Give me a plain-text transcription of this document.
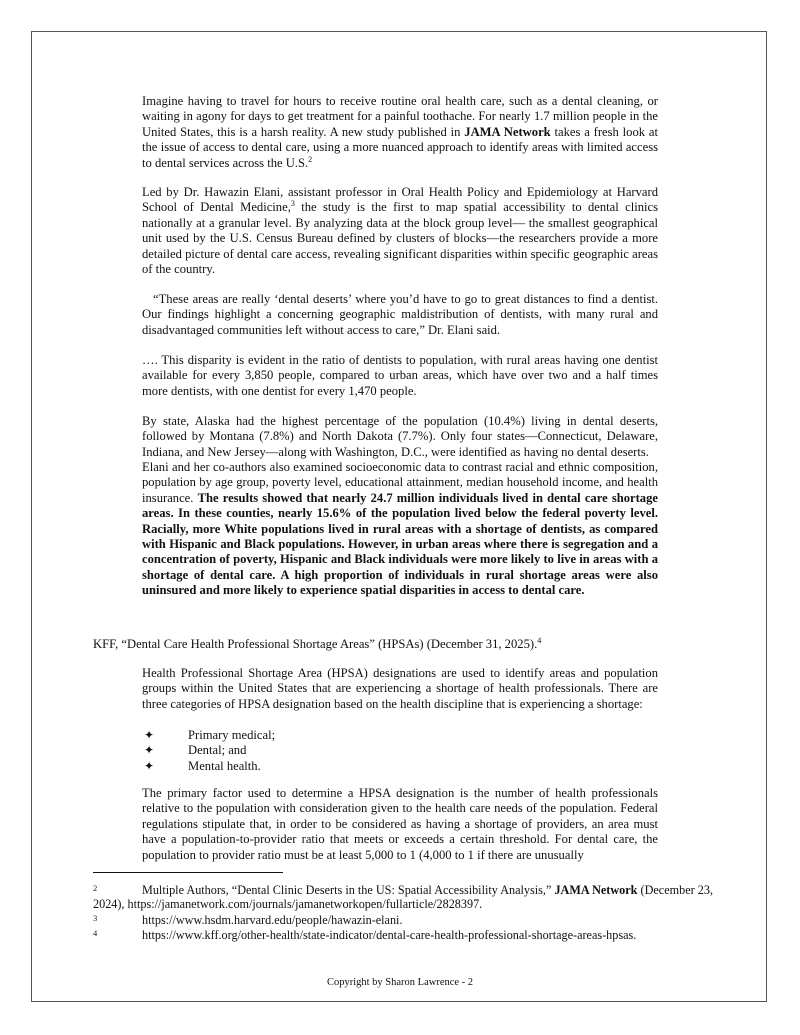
Imagine having to travel for hours to receive routine oral health care, such as a dental cleaning, or waiting in agony for days to get treatment for a painful toothache. For nearly 1.7 million people in the United States, this is a harsh reality. A new study published in JAMA Network takes a fresh look at the issue of access to dental care, using a more nuanced approach to identify areas with limited access to dental services across the U.S.$^2$

Led by Dr. Hawazin Elani, assistant professor in Oral Health Policy and Epidemiology at Harvard School of Dental Medicine,$^3$ the study is the first to map spatial accessibility to dental clinics nationally at a granular level. By analyzing data at the block group level— the smallest geographical unit used by the U.S. Census Bureau defined by clusters of blocks—the researchers provide a more detailed picture of dental care access, revealing significant disparities within specific geographic areas of the country.

“These areas are really ‘dental deserts’ where you’d have to go to great distances to find a dentist. Our findings highlight a concerning geographic maldistribution of dentists, with many rural and disadvantaged communities left without access to care,” Dr. Elani said.

…. This disparity is evident in the ratio of dentists to population, with rural areas having one dentist available for every 3,850 people, compared to urban areas, which have over two and a half times more dentists, with one dentist for every 1,470 people.

By state, Alaska had the highest percentage of the population (10.4%) living in dental deserts, followed by Montana (7.8%) and North Dakota (7.7%). Only four states—Connecticut, Delaware, Indiana, and New Jersey—along with Washington, D.C., were identified as having no dental deserts.

Elani and her co-authors also examined socioeconomic data to contrast racial and ethnic composition, population by age group, poverty level, educational attainment, median household income, and health insurance. The results showed that nearly 24.7 million individuals lived in dental care shortage areas. In these counties, nearly 15.6% of the population lived below the federal poverty level. Racially, more White populations lived in rural areas with a shortage of dentists, as compared with Hispanic and Black populations. However, in urban areas where there is segregation and a concentration of poverty, Hispanic and Black individuals were more likely to live in areas with a shortage of dental care. A high proportion of individuals in rural shortage areas were also uninsured and more likely to experience spatial disparities in access to dental care.

KFF, “Dental Care Health Professional Shortage Areas” (HPSAs) (December 31, 2025).$^4$

Health Professional Shortage Area (HPSA) designations are used to identify areas and population groups within the United States that are experiencing a shortage of health professionals. There are three categories of HPSA designation based on the health discipline that is experiencing a shortage:

✦	Primary medical;
✦	Dental; and
✦	Mental health.

The primary factor used to determine a HPSA designation is the number of health professionals relative to the population with consideration given to the health care needs of the population. Federal regulations stipulate that, in order to be considered as having a shortage of providers, an area must have a population-to-provider ratio that meets or exceeds a certain threshold. For dental care, the population to provider ratio must be at least 5,000 to 1 (4,000 to 1 if there are unusually

2	Multiple Authors, “Dental Clinic Deserts in the US: Spatial Accessibility Analysis,” JAMA Network (December 23, 2024), https://jamanetwork.com/journals/jamanetworkopen/fullarticle/2828397.

3	https://www.hsdm.harvard.edu/people/hawazin-elani.

4	https://www.kff.org/other-health/state-indicator/dental-care-health-professional-shortage-areas-hpsas.

Copyright by Sharon Lawrence - 2
